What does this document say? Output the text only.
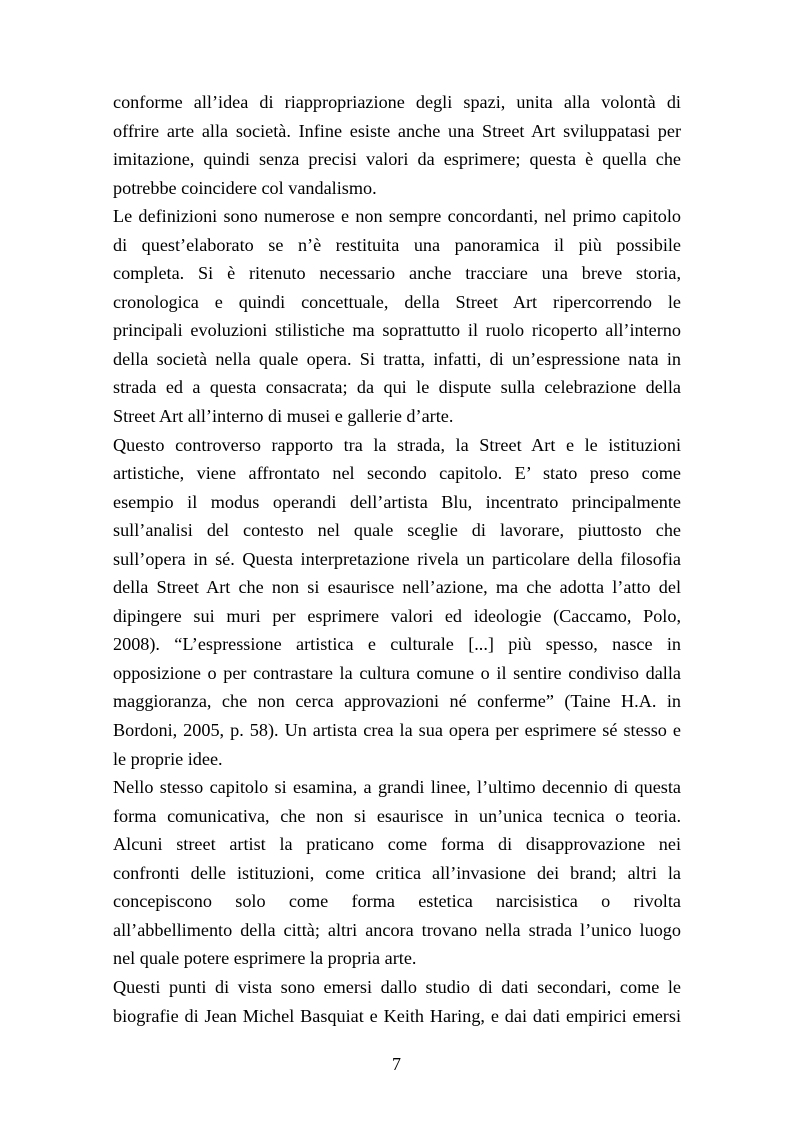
conforme all’idea di riappropriazione degli spazi, unita alla volontà di
offrire arte alla società. Infine esiste anche una Street Art sviluppatasi per
imitazione, quindi senza precisi valori da esprimere; questa è quella che
potrebbe coincidere col vandalismo.
Le definizioni sono numerose e non sempre concordanti, nel primo capitolo
di quest’elaborato se n’è restituita una panoramica il più possibile
completa. Si è ritenuto necessario anche tracciare una breve storia,
cronologica e quindi concettuale, della Street Art ripercorrendo le
principali evoluzioni stilistiche ma soprattutto il ruolo ricoperto all’interno
della società nella quale opera. Si tratta, infatti, di un’espressione nata in
strada ed a questa consacrata; da qui le dispute sulla celebrazione della
Street Art all’interno di musei e gallerie d’arte.
Questo controverso rapporto tra la strada, la Street Art e le istituzioni
artistiche, viene affrontato nel secondo capitolo. E’ stato preso come
esempio il modus operandi dell’artista Blu, incentrato principalmente
sull’analisi del contesto nel quale sceglie di lavorare, piuttosto che
sull’opera in sé. Questa interpretazione rivela un particolare della filosofia
della Street Art che non si esaurisce nell’azione, ma che adotta l’atto del
dipingere sui muri per esprimere valori ed ideologie (Caccamo, Polo,
2008). “L’espressione artistica e culturale [...] più spesso, nasce in
opposizione o per contrastare la cultura comune o il sentire condiviso dalla
maggioranza, che non cerca approvazioni né conferme” (Taine H.A. in
Bordoni, 2005, p. 58). Un artista crea la sua opera per esprimere sé stesso e
le proprie idee.
Nello stesso capitolo si esamina, a grandi linee, l’ultimo decennio di questa
forma comunicativa, che non si esaurisce in un’unica tecnica o teoria.
Alcuni street artist la praticano come forma di disapprovazione nei
confronti delle istituzioni, come critica all’invasione dei brand; altri la
concepiscono solo come forma estetica narcisistica o rivolta
all’abbellimento della città; altri ancora trovano nella strada l’unico luogo
nel quale potere esprimere la propria arte.
Questi punti di vista sono emersi dallo studio di dati secondari, come le
biografie di Jean Michel Basquiat e Keith Haring, e dai dati empirici emersi
7
